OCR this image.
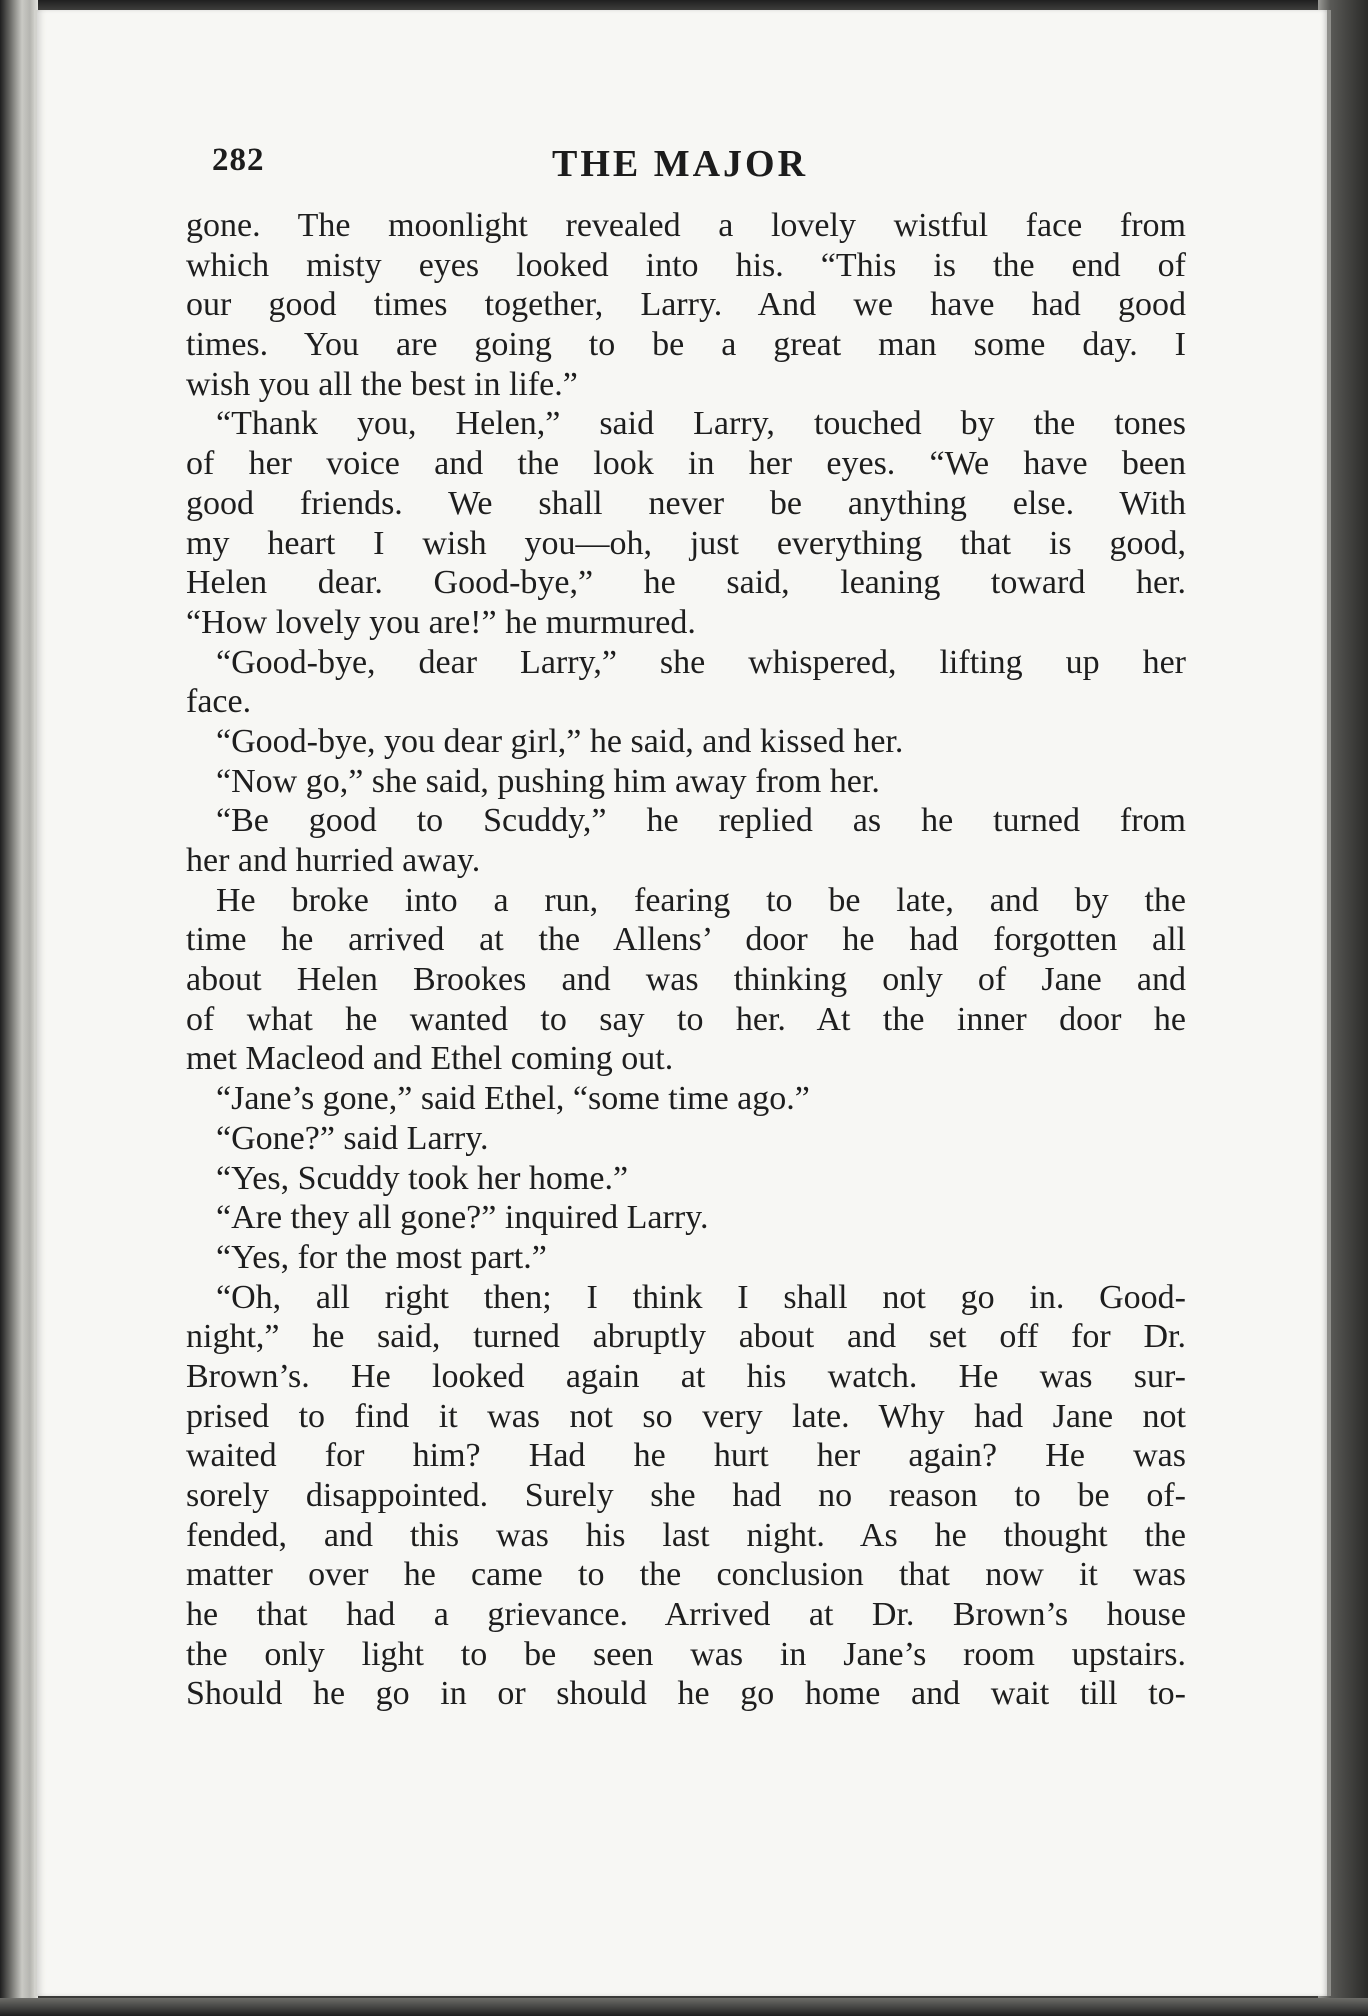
282	THE MAJOR
gone. The moonlight revealed a lovely wistful face from
which misty eyes looked into his. “This is the end of
our good times together, Larry. And we have had good
times. You are going to be a great man some day. I
wish you all the best in life.”
“Thank you, Helen,” said Larry, touched by the tones
of her voice and the look in her eyes. “We have been
good friends. We shall never be anything else. With
my heart I wish you—oh, just everything that is good,
Helen dear. Good-bye,” he said, leaning toward her.
“How lovely you are!” he murmured.
“Good-bye, dear Larry,” she whispered, lifting up her
face.
“Good-bye, you dear girl,” he said, and kissed her.
“Now go,” she said, pushing him away from her.
“Be good to Scuddy,” he replied as he turned from
her and hurried away.
He broke into a run, fearing to be late, and by the
time he arrived at the Allens’ door he had forgotten all
about Helen Brookes and was thinking only of Jane and
of what he wanted to say to her. At the inner door he
met Macleod and Ethel coming out.
“Jane’s gone,” said Ethel, “some time ago.”
“Gone?” said Larry.
“Yes, Scuddy took her home.”
“Are they all gone?” inquired Larry.
“Yes, for the most part.”
“Oh, all right then; I think I shall not go in. Good-
night,” he said, turned abruptly about and set off for Dr.
Brown’s. He looked again at his watch. He was sur-
prised to find it was not so very late. Why had Jane not
waited for him? Had he hurt her again? He was
sorely disappointed. Surely she had no reason to be of-
fended, and this was his last night. As he thought the
matter over he came to the conclusion that now it was
he that had a grievance. Arrived at Dr. Brown’s house
the only light to be seen was in Jane’s room upstairs.
Should he go in or should he go home and wait till to-
